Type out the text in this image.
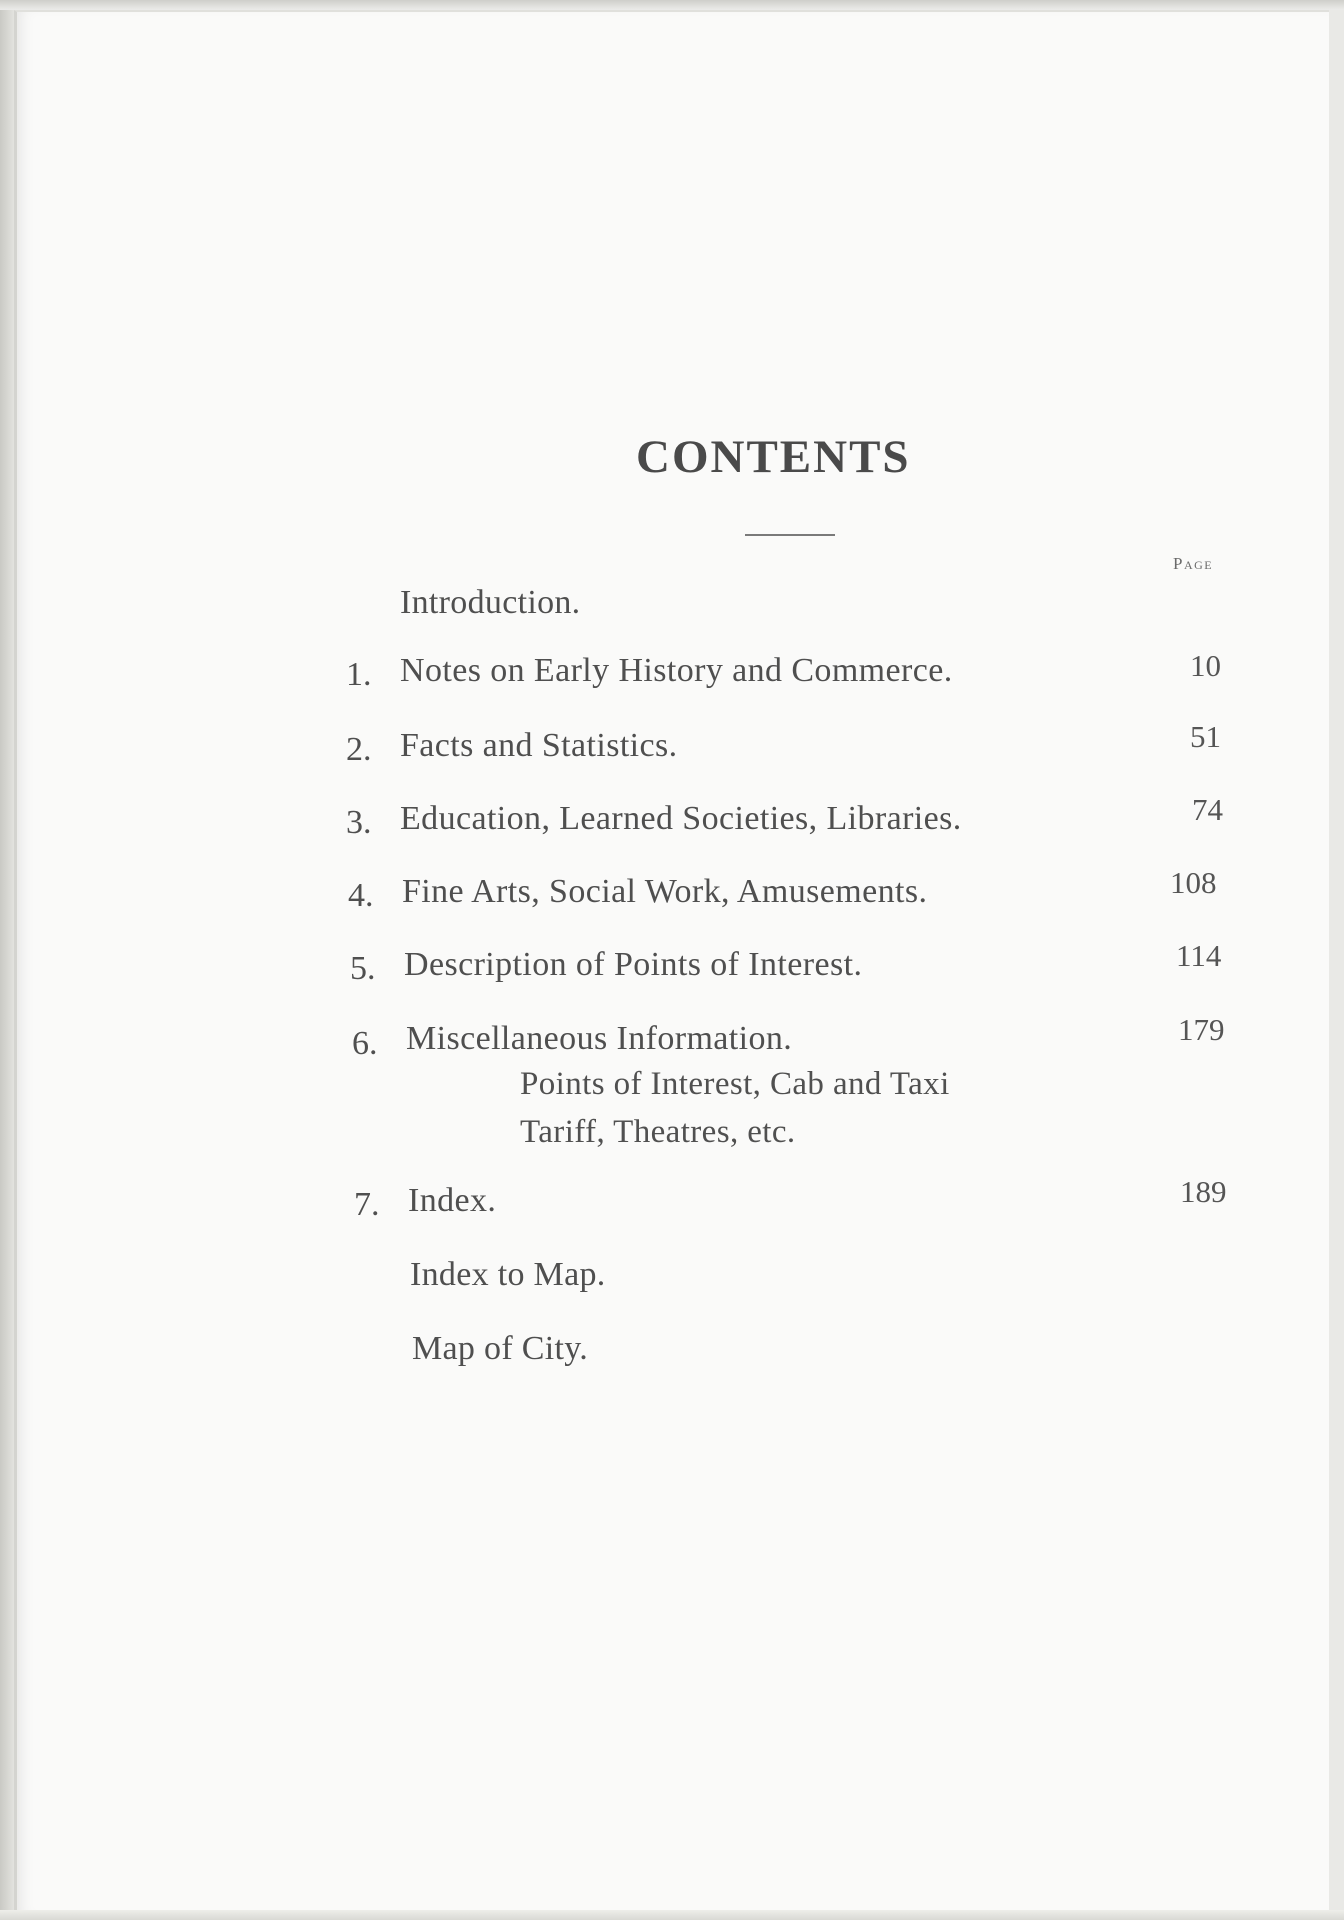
CONTENTS
Page
Introduction.
1. Notes on Early History and Commerce.	10
2. Facts and Statistics.	51
3. Education, Learned Societies, Libraries.	74
4. Fine Arts, Social Work, Amusements.	108
5. Description of Points of Interest.	114
6. Miscellaneous Information.	179
Points of Interest, Cab and Taxi
Tariff, Theatres, etc.
7. Index.	189
Index to Map.
Map of City.
